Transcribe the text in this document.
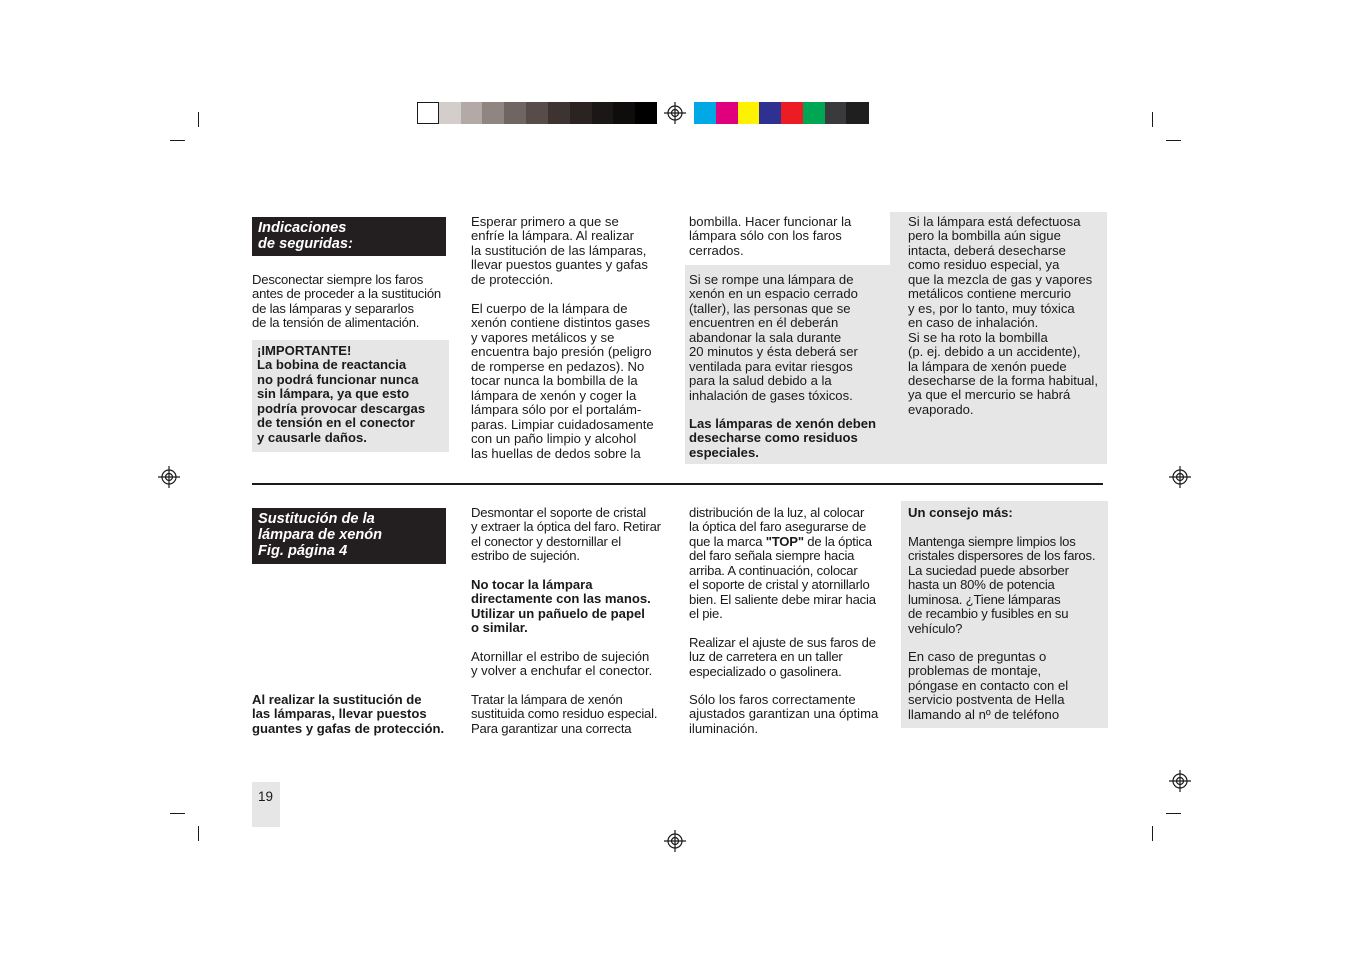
Indicaciones
de seguridas:

Desconectar siempre los faros
antes de proceder a la sustitución
de las lámparas y separarlos
de la tensión de alimentación.

¡IMPORTANTE!
La bobina de reactancia
no podrá funcionar nunca
sin lámpara, ya que esto
podría provocar descargas
de tensión en el conector
y causarle daños.

Esperar primero a que se
enfríe la lámpara. Al realizar
la sustitución de las lámparas,
llevar puestos guantes y gafas
de protección.

El cuerpo de la lámpara de
xenón contiene distintos gases
y vapores metálicos y se
encuentra bajo presión (peligro
de romperse en pedazos). No
tocar nunca la bombilla de la
lámpara de xenón y coger la
lámpara sólo por el portalám-
paras. Limpiar cuidadosamente
con un paño limpio y alcohol
las huellas de dedos sobre la

bombilla. Hacer funcionar la
lámpara sólo con los faros
cerrados.

Si se rompe una lámpara de
xenón en un espacio cerrado
(taller), las personas que se
encuentren en él deberán
abandonar la sala durante
20 minutos y ésta deberá ser
ventilada para evitar riesgos
para la salud debido a la
inhalación de gases tóxicos.

Las lámparas de xenón deben
desecharse como residuos
especiales.

Si la lámpara está defectuosa
pero la bombilla aún sigue
intacta, deberá desecharse
como residuo especial, ya
que la mezcla de gas y vapores
metálicos contiene mercurio
y es, por lo tanto, muy tóxica
en caso de inhalación.
Si se ha roto la bombilla
(p. ej. debido a un accidente),
la lámpara de xenón puede
desecharse de la forma habitual,
ya que el mercurio se habrá
evaporado.

Sustitución de la
lámpara de xenón
Fig. página 4

Al realizar la sustitución de
las lámparas, llevar puestos
guantes y gafas de protección.

Desmontar el soporte de cristal
y extraer la óptica del faro. Retirar
el conector y destornillar el
estribo de sujeción.

No tocar la lámpara
directamente con las manos.
Utilizar un pañuelo de papel
o similar.

Atornillar el estribo de sujeción
y volver a enchufar el conector.

Tratar la lámpara de xenón
sustituida como residuo especial.
Para garantizar una correcta

distribución de la luz, al colocar
la óptica del faro asegurarse de
que la marca "TOP" de la óptica
del faro señala siempre hacia
arriba. A continuación, colocar
el soporte de cristal y atornillarlo
bien. El saliente debe mirar hacia
el pie.

Realizar el ajuste de sus faros de
luz de carretera en un taller
especializado o gasolinera.

Sólo los faros correctamente
ajustados garantizan una óptima
iluminación.

Un consejo más:

Mantenga siempre limpios los
cristales dispersores de los faros.
La suciedad puede absorber
hasta un 80% de potencia
luminosa. ¿Tiene lámparas
de recambio y fusibles en su
vehículo?

En caso de preguntas o
problemas de montaje,
póngase en contacto con el
servicio postventa de Hella
llamando al nº de teléfono

19
